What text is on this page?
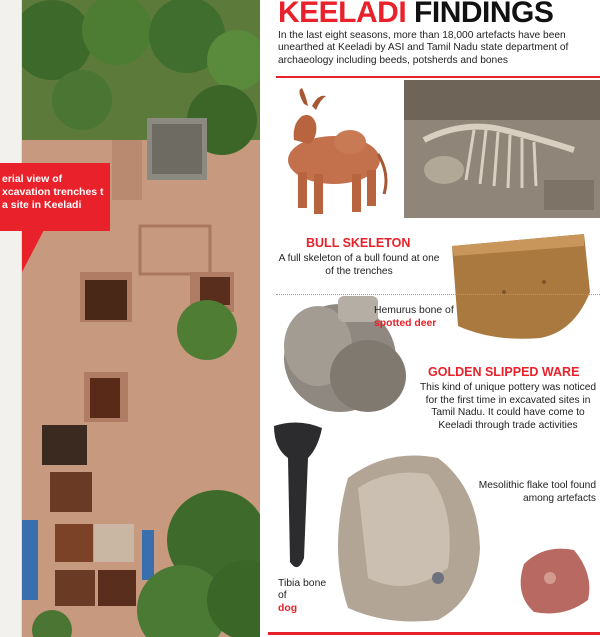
erial view of xcavation trenches t a site in Keeladi
KEELADI FINDINGS
In the last eight seasons, more than 18,000 artefacts have been unearthed at Keeladi by ASI and Tamil Nadu state department of archaeology including beeds, potsherds and bones
BULL SKELETON
A full skeleton of a bull found at one of the trenches
Hemurus bone of
spotted deer
GOLDEN SLIPPED WARE
This kind of unique pottery was noticed for the first time in excavated sites in Tamil Nadu. It could have come to Keeladi through trade activities
Tibia bone of
dog
Mesolithic flake tool found among artefacts
